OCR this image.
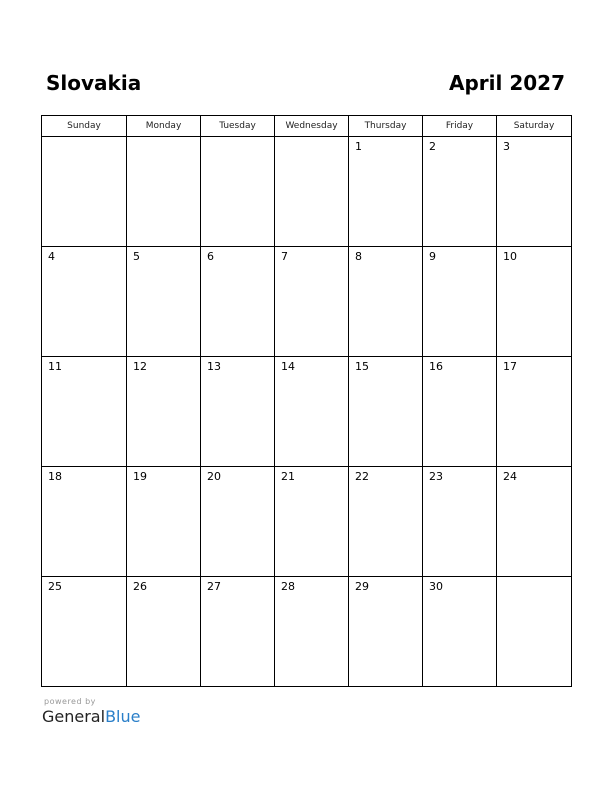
Slovakia	April 2027
Sunday	Monday	Tuesday	Wednesday	Thursday	Friday	Saturday

				1	2	3

4	5	6	7	8	9	10

11	12	13	14	15	16	17

18	19	20	21	22	23	24

25	26	27	28	29	30	

powered by
GeneralBlue
